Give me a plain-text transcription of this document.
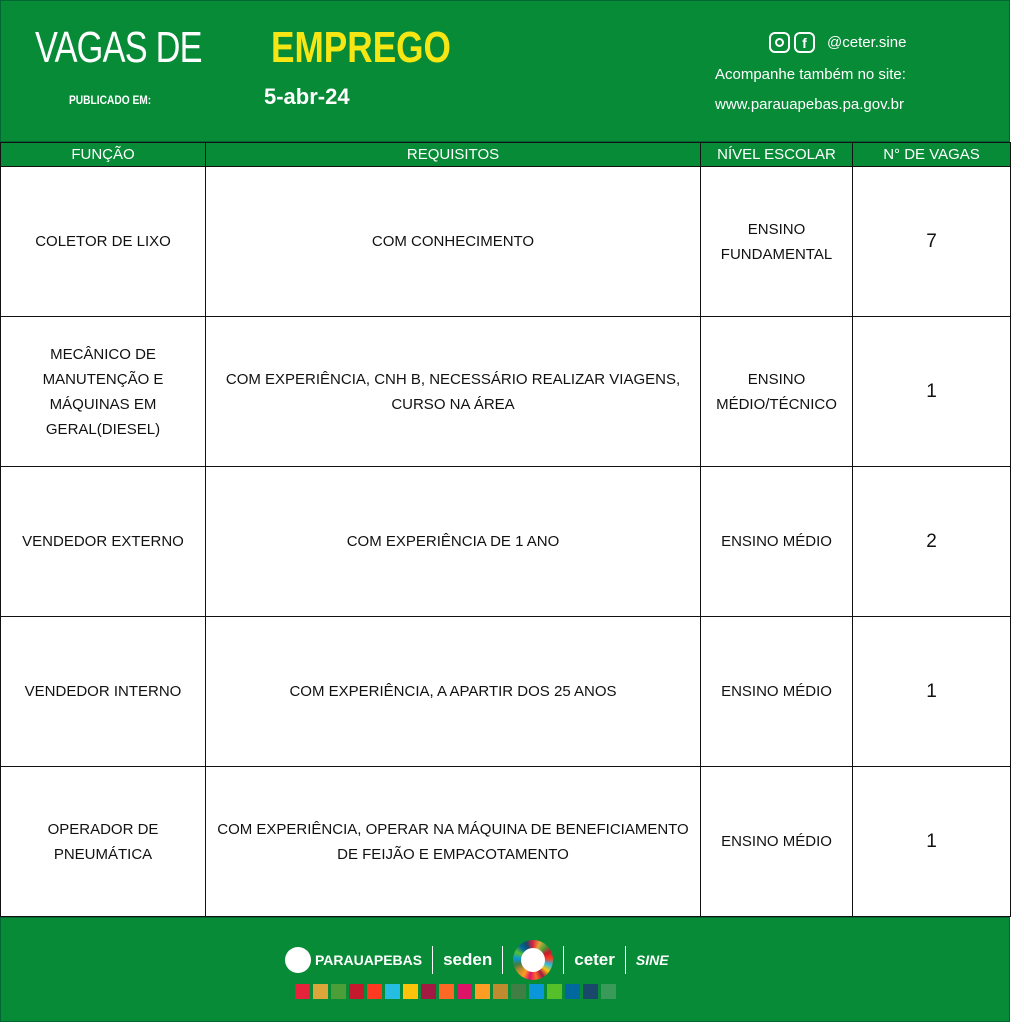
VAGAS DE EMPREGO
PUBLICADO EM:	5-abr-24
f	@ceter.sine
Acompanhe também no site:
www.parauapebas.pa.gov.br
FUNÇÃO	REQUISITOS	NÍVEL ESCOLAR	N° DE VAGAS
COLETOR DE LIXO	COM CONHECIMENTO	ENSINO FUNDAMENTAL	7
MECÂNICO DE MANUTENÇÃO E MÁQUINAS EM GERAL(DIESEL)	COM EXPERIÊNCIA, CNH B, NECESSÁRIO REALIZAR VIAGENS, CURSO NA ÁREA	ENSINO MÉDIO/TÉCNICO	1
VENDEDOR EXTERNO	COM EXPERIÊNCIA DE 1 ANO	ENSINO MÉDIO	2
VENDEDOR INTERNO	COM EXPERIÊNCIA, A APARTIR DOS 25 ANOS	ENSINO MÉDIO	1
OPERADOR DE PNEUMÁTICA	COM EXPERIÊNCIA, OPERAR NA MÁQUINA DE BENEFICIAMENTO DE FEIJÃO E EMPACOTAMENTO	ENSINO MÉDIO	1
PARAUAPEBAS seden	ceter SINE
